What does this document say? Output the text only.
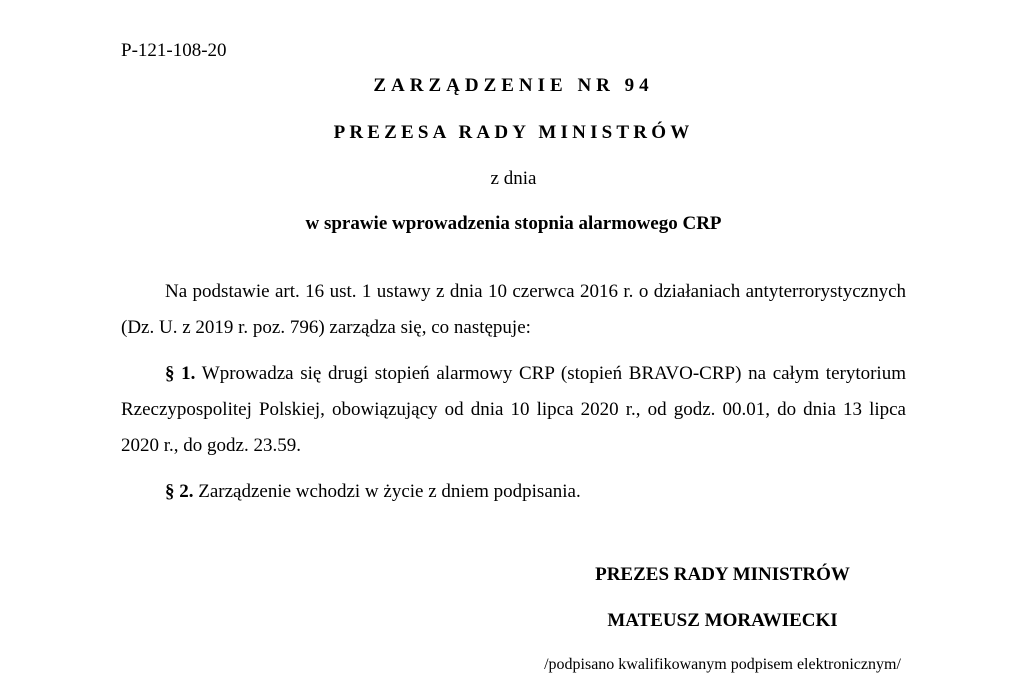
P-121-108-20
ZARZĄDZENIE NR 94
PREZESA RADY MINISTRÓW
z dnia
w sprawie wprowadzenia stopnia alarmowego CRP
Na podstawie art. 16 ust. 1 ustawy z dnia 10 czerwca 2016 r. o działaniach antyterrorystycznych (Dz. U. z 2019 r. poz. 796) zarządza się, co następuje:
§ 1. Wprowadza się drugi stopień alarmowy CRP (stopień BRAVO-CRP) na całym terytorium Rzeczypospolitej Polskiej, obowiązujący od dnia 10 lipca 2020 r., od godz. 00.01, do dnia 13 lipca 2020 r., do godz. 23.59.
§ 2. Zarządzenie wchodzi w życie z dniem podpisania.
PREZES RADY MINISTRÓW
MATEUSZ MORAWIECKI
/podpisano kwalifikowanym podpisem elektronicznym/
